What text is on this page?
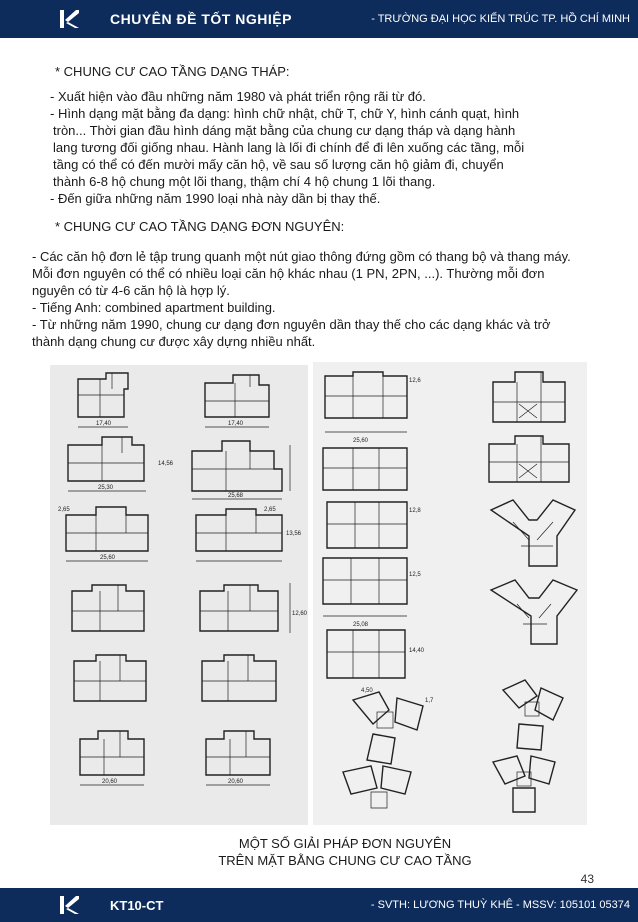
CHUYÊN ĐỀ TỐT NGHIỆP	- TRƯỜNG ĐẠI HỌC KIẾN TRÚC TP. HỒ CHÍ MINH
* CHUNG CƯ CAO TẦNG DẠNG THÁP:
- Xuất hiện vào đầu những năm 1980 và phát triển rộng rãi từ đó.
- Hình dạng mặt bằng đa dạng: hình chữ nhật, chữ T, chữ Y, hình cánh quạt, hình
tròn... Thời gian đầu hình dáng mặt bằng của chung cư dạng tháp và dạng hành
lang tương đối giống nhau. Hành lang là lối đi chính để đi lên xuống các tầng, mỗi
tầng có thể có đến mười mấy căn hộ, về sau số lượng căn hộ giảm đi, chuyển
thành 6-8 hộ chung một lõi thang, thậm chí 4 hộ chung 1 lõi thang.
- Đến giữa những năm 1990 loại nhà này dần bị thay thế.
* CHUNG CƯ CAO TẦNG DẠNG ĐƠN NGUYÊN:
- Các căn hộ đơn lẻ tập trung quanh một nút giao thông đứng gồm có thang bộ và thang máy.
Mỗi đơn nguyên có thể có nhiều loại căn hộ khác nhau (1 PN, 2PN, ...). Thường mỗi đơn
nguyên có từ 4-6 căn hộ là hợp lý.
- Tiếng Anh: combined apartment building.
- Từ những năm 1990, chung cư dạng đơn nguyên dần thay thế cho các dạng khác và trở
thành dạng chung cư được xây dựng nhiều nhất.
17,40	17,40
25,30
25,68
14,56
13,56
25,60
2,65	2,65
12,60
20,60	20,60
12,6
25,60
12,8
12,5
25,08
14,40
4,50
1,7
MỘT SỐ GIẢI PHÁP ĐƠN NGUYÊN
TRÊN MẶT BẰNG CHUNG CƯ CAO TẦNG
43
KT10-CT	- SVTH: LƯƠNG THUỲ KHÊ - MSSV: 105101 05374
